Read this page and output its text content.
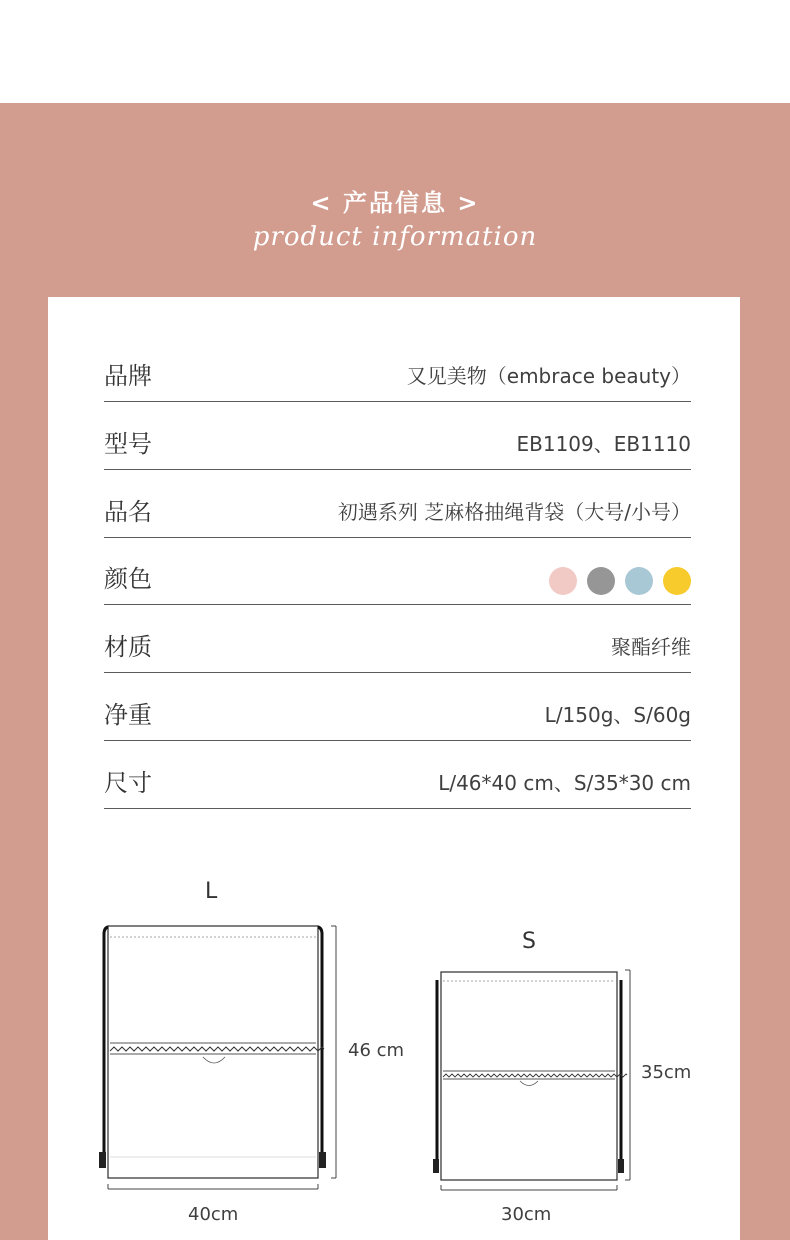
< 产品信息 >
product information
品牌	又见美物（embrace beauty）
型号	EB1109、EB1110
品名	初遇系列 芝麻格抽绳背袋（大号/小号）
颜色
材质	聚酯纤维
净重	L/150g、S/60g
尺寸	L/46*40 cm、S/35*30 cm
L
46 cm
40cm
S
35cm
30cm
